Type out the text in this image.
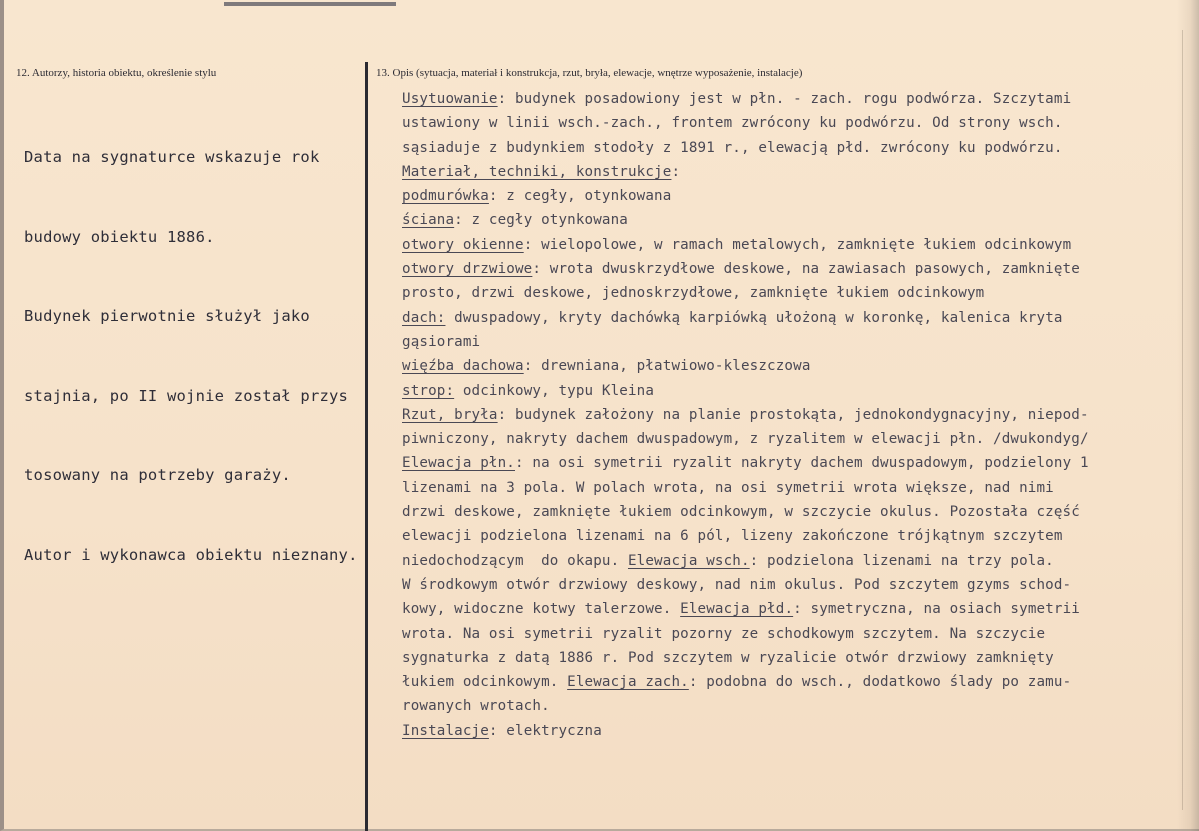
12. Autorzy, historia obiektu, określenie stylu	13. Opis (sytuacja, materiał i konstrukcja, rzut, bryła, elewacje, wnętrze wyposażenie, instalacje)

Data na sygnaturce wskazuje rok

budowy obiektu 1886.

Budynek pierwotnie służył jako

stajnia, po II wojnie został przys

tosowany na potrzeby garaży.

Autor i wykonawca obiektu nieznany.

Usytuowanie: budynek posadowiony jest w płn. - zach. rogu podwórza. Szczytami
ustawiony w linii wsch.-zach., frontem zwrócony ku podwórzu. Od strony wsch.
sąsiaduje z budynkiem stodoły z 1891 r., elewacją płd. zwrócony ku podwórzu.
Materiał, techniki, konstrukcje:
podmurówka: z cegły, otynkowana
ściana: z cegły otynkowana
otwory okienne: wielopolowe, w ramach metalowych, zamknięte łukiem odcinkowym
otwory drzwiowe: wrota dwuskrzydłowe deskowe, na zawiasach pasowych, zamknięte
prosto, drzwi deskowe, jednoskrzydłowe, zamknięte łukiem odcinkowym
dach: dwuspadowy, kryty dachówką karpiówką ułożoną w koronkę, kalenica kryta
gąsiorami
więźba dachowa: drewniana, płatwiowo-kleszczowa
strop: odcinkowy, typu Kleina
Rzut, bryła: budynek założony na planie prostokąta, jednokondygnacyjny, niepod-
piwniczony, nakryty dachem dwuspadowym, z ryzalitem w elewacji płn. /dwukondyg/
Elewacja płn.: na osi symetrii ryzalit nakryty dachem dwuspadowym, podzielony 1
lizenami na 3 pola. W polach wrota, na osi symetrii wrota większe, nad nimi
drzwi deskowe, zamknięte łukiem odcinkowym, w szczycie okulus. Pozostała część
elewacji podzielona lizenami na 6 pól, lizeny zakończone trójkątnym szczytem
niedochodzącym  do okapu. Elewacja wsch.: podzielona lizenami na trzy pola.
W środkowym otwór drzwiowy deskowy, nad nim okulus. Pod szczytem gzyms schod-
kowy, widoczne kotwy talerzowe. Elewacja płd.: symetryczna, na osiach symetrii
wrota. Na osi symetrii ryzalit pozorny ze schodkowym szczytem. Na szczycie
sygnaturka z datą 1886 r. Pod szczytem w ryzalicie otwór drzwiowy zamknięty
łukiem odcinkowym. Elewacja zach.: podobna do wsch., dodatkowo ślady po zamu-
rowanych wrotach.
Instalacje: elektryczna
